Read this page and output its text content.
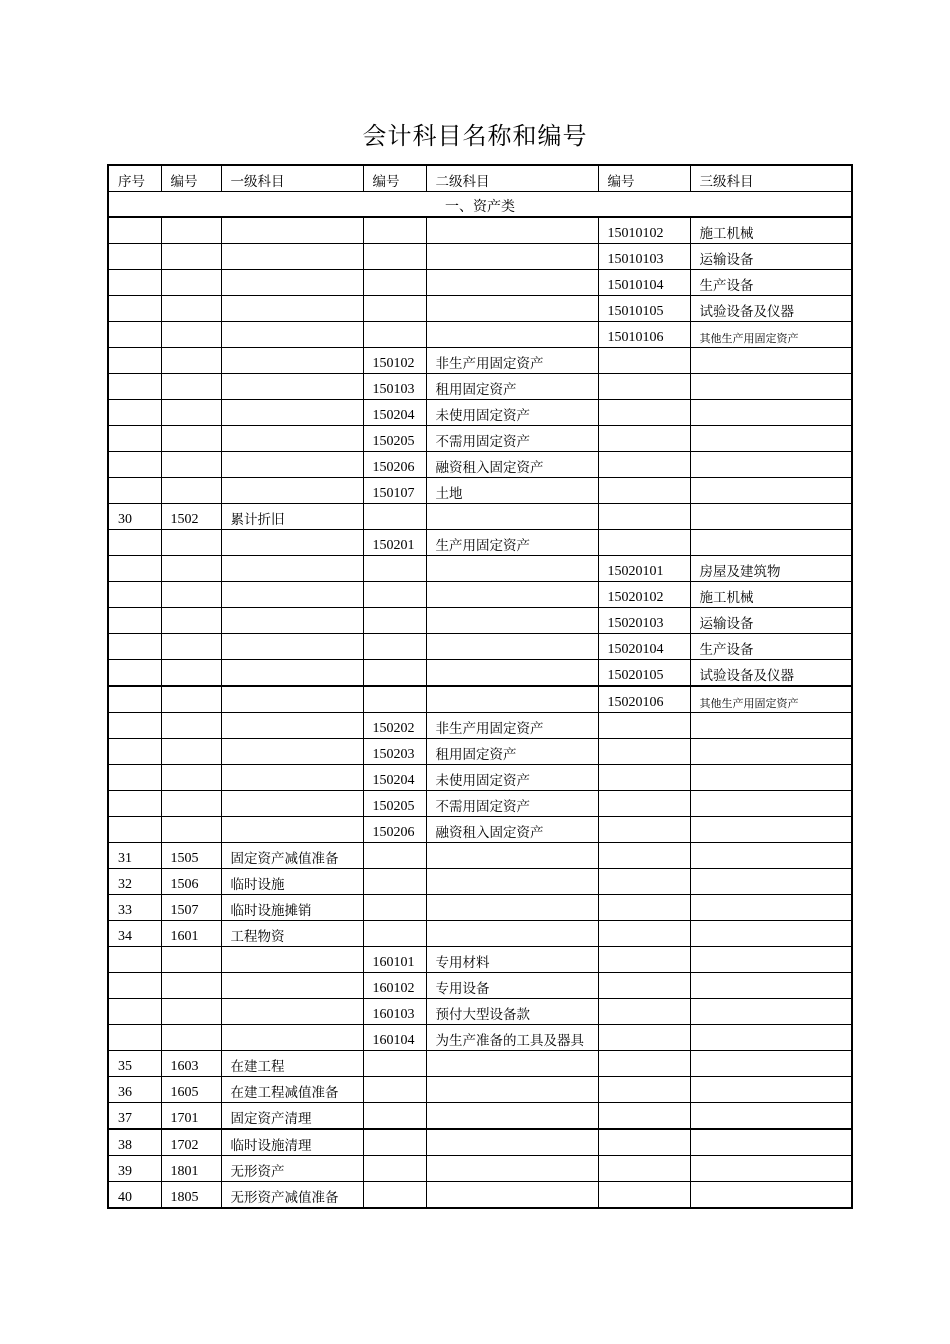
会计科目名称和编号
序号	编号	一级科目	编号	二级科目	编号	三级科目
一、资产类						
					15010102	施工机械
					15010103	运输设备
					15010104	生产设备
					15010105	试验设备及仪器
					15010106	其他生产用固定资产
			150102	非生产用固定资产		
			150103	租用固定资产		
			150204	未使用固定资产		
			150205	不需用固定资产		
			150206	融资租入固定资产		
			150107	土地		
30	1502	累计折旧				
			150201	生产用固定资产		
					15020101	房屋及建筑物
					15020102	施工机械
					15020103	运输设备
					15020104	生产设备
					15020105	试验设备及仪器
					15020106	其他生产用固定资产
			150202	非生产用固定资产		
			150203	租用固定资产		
			150204	未使用固定资产		
			150205	不需用固定资产		
			150206	融资租入固定资产		
31	1505	固定资产减值准备				
32	1506	临时设施				
33	1507	临时设施摊销				
34	1601	工程物资				
			160101	专用材料		
			160102	专用设备		
			160103	预付大型设备款		
			160104	为生产准备的工具及器具		
35	1603	在建工程				
36	1605	在建工程减值准备				
37	1701	固定资产清理				
38	1702	临时设施清理				
39	1801	无形资产				
40	1805	无形资产减值准备				
